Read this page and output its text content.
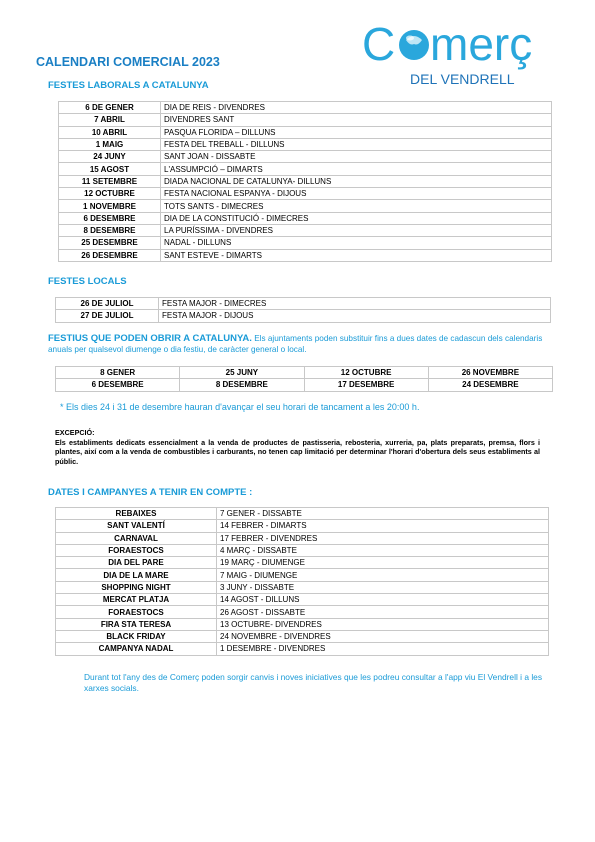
CALENDARI COMERCIAL 2023	C merç
DEL VENDRELL
FESTES LABORALS A CATALUNYA
6 DE GENER	DIA DE REIS - DIVENDRES
7 ABRIL	DIVENDRES SANT
10 ABRIL	PASQUA FLORIDA – DILLUNS
1 MAIG	FESTA DEL TREBALL - DILLUNS
24 JUNY	SANT JOAN - DISSABTE
15 AGOST	L'ASSUMPCIÓ – DIMARTS
11 SETEMBRE	DIADA NACIONAL DE CATALUNYA- DILLUNS
12 OCTUBRE	FESTA NACIONAL ESPANYA - DIJOUS
1 NOVEMBRE	TOTS SANTS - DIMECRES
6 DESEMBRE	DIA DE LA CONSTITUCIÓ - DIMECRES
8 DESEMBRE	LA PURÍSSIMA - DIVENDRES
25 DESEMBRE	NADAL - DILLUNS
26 DESEMBRE	SANT ESTEVE - DIMARTS
FESTES LOCALS
26 DE JULIOL	FESTA MAJOR - DIMECRES
27 DE JULIOL	FESTA MAJOR - DIJOUS
FESTIUS QUE PODEN OBRIR A CATALUNYA. Els ajuntaments poden substituir fins a dues dates de cadascun dels calendaris anuals per qualsevol diumenge o dia festiu, de caràcter general o local.
8 GENER	25 JUNY	12 OCTUBRE	26 NOVEMBRE
6 DESEMBRE	8 DESEMBRE	17 DESEMBRE	24 DESEMBRE
* Els dies 24 i 31 de desembre hauran d'avançar el seu horari de tancament a les 20:00 h.
EXCEPCIÓ:
Els establiments dedicats essencialment a la venda de productes de pastisseria, rebosteria, xurreria, pa, plats preparats, premsa, flors i plantes, així com a la venda de combustibles i carburants, no tenen cap limitació per determinar l'horari d'obertura dels seus establiments al públic.
DATES I CAMPANYES A TENIR EN COMPTE :
REBAIXES	7 GENER - DISSABTE
SANT VALENTÍ	14 FEBRER - DIMARTS
CARNAVAL	17 FEBRER - DIVENDRES
FORAESTOCS	4 MARÇ - DISSABTE
DIA DEL PARE	19 MARÇ - DIUMENGE
DIA DE LA MARE	7 MAIG - DIUMENGE
SHOPPING NIGHT	3 JUNY - DISSABTE
MERCAT PLATJA	14 AGOST - DILLUNS
FORAESTOCS	26 AGOST - DISSABTE
FIRA STA TERESA	13 OCTUBRE- DIVENDRES
BLACK FRIDAY	24 NOVEMBRE - DIVENDRES
CAMPANYA NADAL	1 DESEMBRE - DIVENDRES
Durant tot l'any des de Comerç poden sorgir canvis i noves iniciatives que les podreu consultar a l'app viu El Vendrell i a les xarxes socials.
